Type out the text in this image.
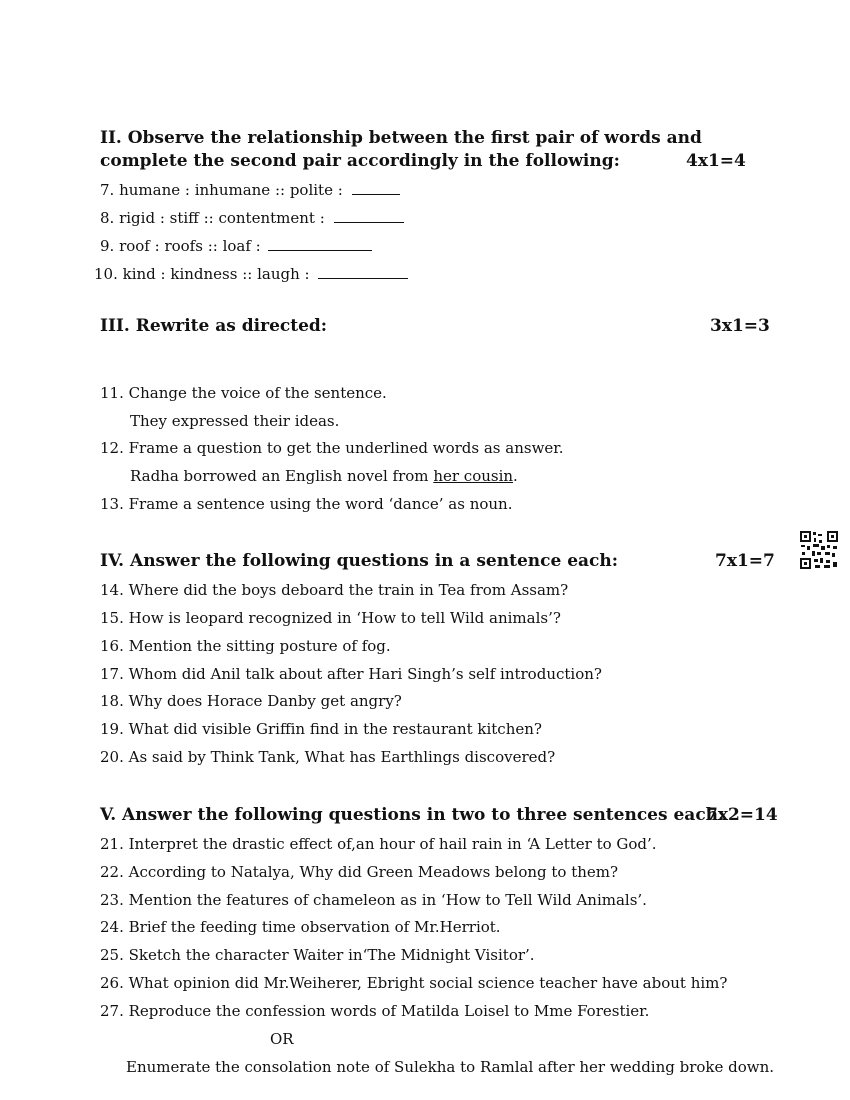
II. Observe the relationship between the first pair of words and
complete the second pair accordingly in the following:	4x1=4
7. humane : inhumane :: polite :
8. rigid : stiff :: contentment :
9. roof : roofs :: loaf :
10. kind : kindness :: laugh :
III. Rewrite as directed:	3x1=3
11. Change the voice of the sentence.
They expressed their ideas.
12. Frame a question to get the underlined words as answer.
Radha borrowed an English novel from her cousin.
13. Frame a sentence using the word ‘dance’ as noun.
IV. Answer the following questions in a sentence each:	7x1=7
14. Where did the boys deboard the train in Tea from Assam?
15. How is leopard recognized in ‘How to tell Wild animals’?
16. Mention the sitting posture of fog.
17. Whom did Anil talk about after Hari Singh’s self introduction?
18. Why does Horace Danby get angry?
19. What did visible Griffin find in the restaurant kitchen?
20. As said by Think Tank, What has Earthlings discovered?
V. Answer the following questions in two to three sentences each:
7x2=14
21. Interpret the drastic effect of,an hour of hail rain in ‘A Letter to God’.
22. According to Natalya, Why did Green Meadows belong to them?
23. Mention the features of chameleon as in ‘How to Tell Wild Animals’.
24. Brief the feeding time observation of Mr.Herriot.
25. Sketch the character Waiter in‘The Midnight Visitor’.
26. What opinion did Mr.Weiherer, Ebright social science teacher have about him?
27. Reproduce the confession words of Matilda Loisel to Mme Forestier.
OR
Enumerate the consolation note of Sulekha to Ramlal after her wedding broke down.
